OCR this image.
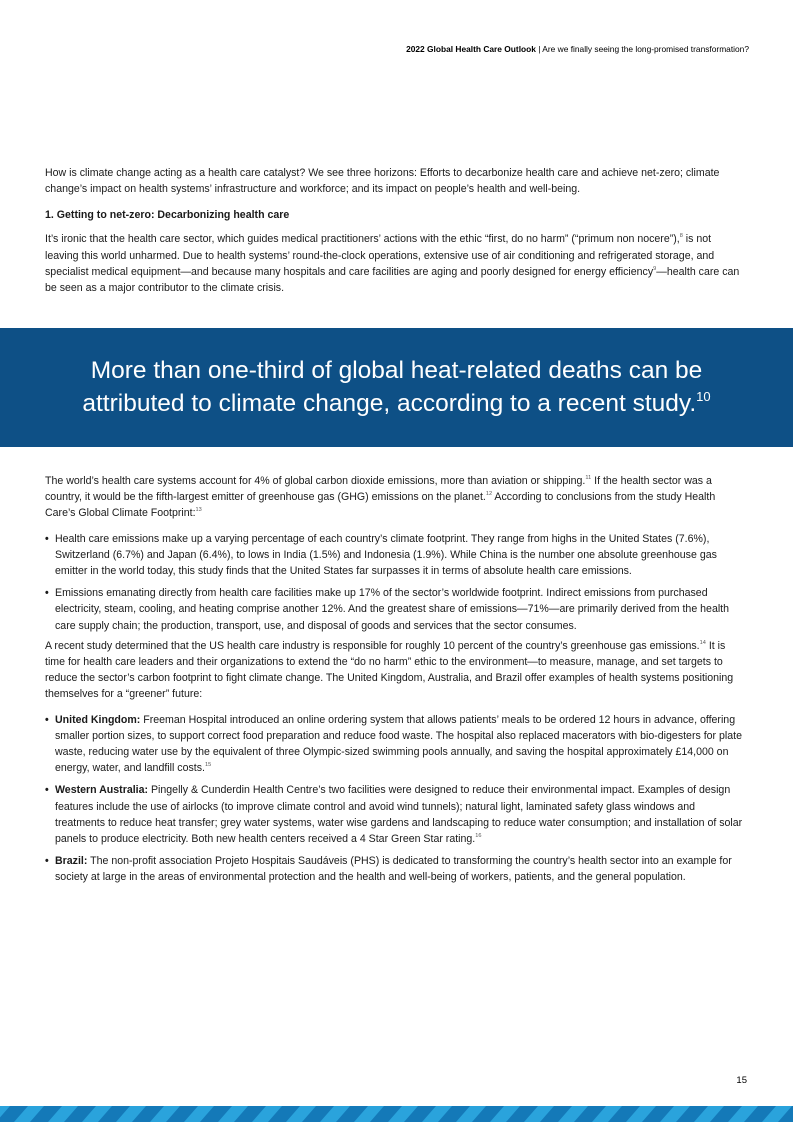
2022 Global Health Care Outlook | Are we finally seeing the long-promised transformation?

How is climate change acting as a health care catalyst? We see three horizons: Efforts to decarbonize health care and achieve net-zero; climate change’s impact on health systems’ infrastructure and workforce; and its impact on people’s health and well-being.

1. Getting to net-zero: Decarbonizing health care

It’s ironic that the health care sector, which guides medical practitioners’ actions with the ethic “first, do no harm” (“primum non nocere”),$^8$ is not leaving this world unharmed. Due to health systems’ round-the-clock operations, extensive use of air conditioning and refrigerated storage, and specialist medical equipment—and because many hospitals and care facilities are aging and poorly designed for energy efficiency$^9$—health care can be seen as a major contributor to the climate crisis.

More than one-third of global heat-related deaths can be attributed to climate change, according to a recent study.$^{10}$

The world’s health care systems account for 4% of global carbon dioxide emissions, more than aviation or shipping.$^{11}$ If the health sector was a country, it would be the fifth-largest emitter of greenhouse gas (GHG) emissions on the planet.$^{12}$ According to conclusions from the study Health Care’s Global Climate Footprint:$^{13}$

• Health care emissions make up a varying percentage of each country’s climate footprint. They range from highs in the United States (7.6%), Switzerland (6.7%) and Japan (6.4%), to lows in India (1.5%) and Indonesia (1.9%). While China is the number one absolute greenhouse gas emitter in the world today, this study finds that the United States far surpasses it in terms of absolute health care emissions.
• Emissions emanating directly from health care facilities make up 17% of the sector’s worldwide footprint. Indirect emissions from purchased electricity, steam, cooling, and heating comprise another 12%. And the greatest share of emissions—71%—are primarily derived from the health care supply chain; the production, transport, use, and disposal of goods and services that the sector consumes.

A recent study determined that the US health care industry is responsible for roughly 10 percent of the country’s greenhouse gas emissions.$^{14}$ It is time for health care leaders and their organizations to extend the “do no harm” ethic to the environment—to measure, manage, and set targets to reduce the sector’s carbon footprint to fight climate change. The United Kingdom, Australia, and Brazil offer examples of health systems positioning themselves for a “greener” future:

• United Kingdom: Freeman Hospital introduced an online ordering system that allows patients’ meals to be ordered 12 hours in advance, offering smaller portion sizes, to support correct food preparation and reduce food waste. The hospital also replaced macerators with bio-digesters for plate waste, reducing water use by the equivalent of three Olympic-sized swimming pools annually, and saving the hospital approximately £14,000 on energy, water, and landfill costs.$^{15}$
• Western Australia: Pingelly & Cunderdin Health Centre’s two facilities were designed to reduce their environmental impact. Examples of design features include the use of airlocks (to improve climate control and avoid wind tunnels); natural light, laminated safety glass windows and treatments to reduce heat transfer; grey water systems, water wise gardens and landscaping to reduce water consumption; and installation of solar panels to produce electricity. Both new health centers received a 4 Star Green Star rating.$^{16}$
• Brazil: The non-profit association Projeto Hospitais Saudáveis (PHS) is dedicated to transforming the country’s health sector into an example for society at large in the areas of environmental protection and the health and well-being of workers, patients, and the general population.
15
